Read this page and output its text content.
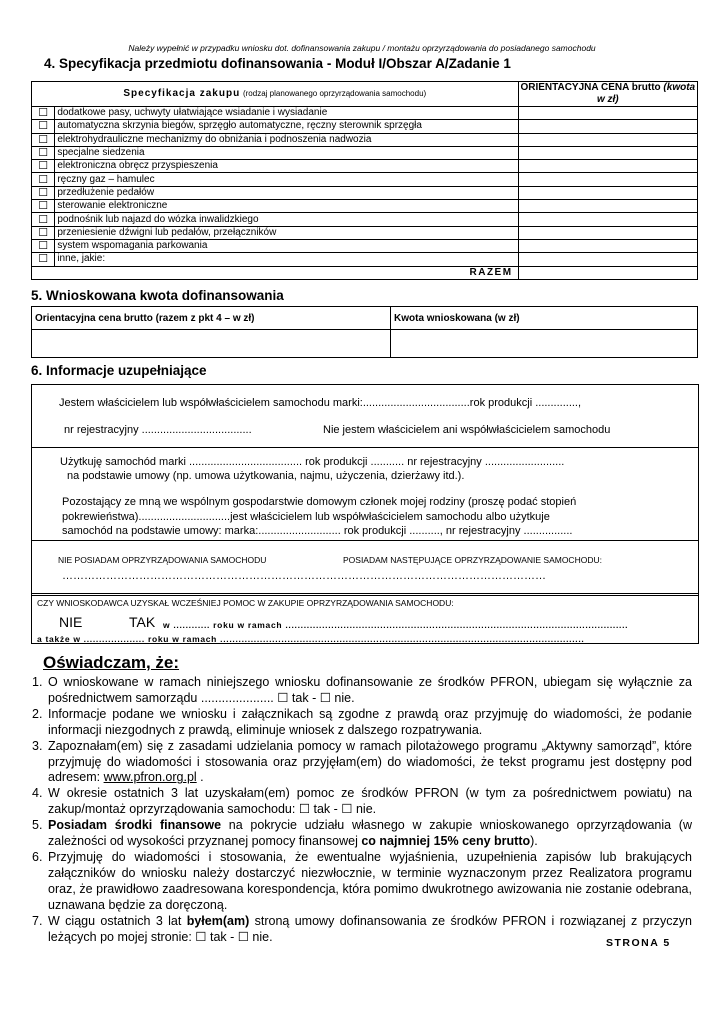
Należy wypełnić w przypadku wniosku dot. dofinansowania zakupu / montażu oprzyrządowania do posiadanego samochodu
4. Specyfikacja przedmiotu dofinansowania - Moduł I/Obszar A/Zadanie 1
Specyfikacja zakupu (rodzaj planowanego oprzyrządowania samochodu)		ORIENTACYJNA CENA brutto (kwota w zł)
☐	dodatkowe pasy, uchwyty ułatwiające wsiadanie i wysiadanie	
☐	automatyczna skrzynia biegów, sprzęgło automatyczne, ręczny sterownik sprzęgła	
☐	elektrohydrauliczne mechanizmy do obniżania i podnoszenia nadwozia	
☐	specjalne siedzenia	
☐	elektroniczna obręcz przyspieszenia	
☐	ręczny gaz – hamulec	
☐	przedłużenie pedałów	
☐	sterowanie elektroniczne	
☐	podnośnik lub najazd do wózka inwalidzkiego	
☐	przeniesienie dźwigni lub pedałów, przełączników	
☐	system wspomagania parkowania	
☐	inne, jakie:	
RAZEM		
5. Wnioskowana kwota dofinansowania
Orientacyjna cena brutto (razem z pkt 4 – w zł)	Kwota wnioskowana (w zł)

6. Informacje uzupełniające
Jestem właścicielem lub współwłaścicielem samochodu marki:...................................rok produkcji ..............,
nr rejestracyjny ....................................	Nie jestem właścicielem ani współwłaścicielem samochodu
Użytkuję samochód marki ..................................... rok produkcji ........... nr rejestracyjny ..........................
na podstawie umowy (np. umowa użytkowania, najmu, użyczenia, dzierżawy itd.).
Pozostający ze mną we wspólnym gospodarstwie domowym członek mojej rodziny (proszę podać stopień
pokrewieństwa)..............................jest właścicielem lub współwłaścicielem samochodu albo użytkuje
samochód na podstawie umowy: marka:........................... rok produkcji .........., nr rejestracyjny ................
NIE POSIADAM OPRZYRZĄDOWANIA SAMOCHODU	POSIADAM NASTĘPUJĄCE OPRZYRZĄDOWANIE SAMOCHODU:
……………………………………………………………………………………………………………………
CZY WNIOSKODAWCA UZYSKAŁ WCZEŚNIEJ POMOC W ZAKUPIE OPRZYRZĄDOWANIA SAMOCHODU:
NIE	TAK w ............ roku w ramach ................................................................................................................
a także w .................... roku w ramach .......................................................................................................................
Oświadczam, że:
1. O wnioskowane w ramach niniejszego wniosku dofinansowanie ze środków PFRON, ubiegam się wyłącznie za pośrednictwem samorządu ..................... ☐ tak - ☐ nie.
2. Informacje podane we wniosku i załącznikach są zgodne z prawdą oraz przyjmuję do wiadomości, że podanie informacji niezgodnych z prawdą, eliminuje wniosek z dalszego rozpatrywania.
3. Zapoznałam(em) się z zasadami udzielania pomocy w ramach pilotażowego programu „Aktywny samorząd”, które przyjmuję do wiadomości i stosowania oraz przyjęłam(em) do wiadomości, że tekst programu jest dostępny pod adresem: www.pfron.org.pl .
4. W okresie ostatnich 3 lat uzyskałam(em) pomoc ze środków PFRON (w tym za pośrednictwem powiatu) na zakup/montaż oprzyrządowania samochodu: ☐ tak - ☐ nie.
5. Posiadam środki finansowe na pokrycie udziału własnego w zakupie wnioskowanego oprzyrządowania (w zależności od wysokości przyznanej pomocy finansowej co najmniej 15% ceny brutto).
6. Przyjmuję do wiadomości i stosowania, że ewentualne wyjaśnienia, uzupełnienia zapisów lub brakujących załączników do wniosku należy dostarczyć niezwłocznie, w terminie wyznaczonym przez Realizatora programu oraz, że prawidłowo zaadresowana korespondencja, która pomimo dwukrotnego awizowania nie zostanie odebrana, uznawana będzie za doręczoną.
7. W ciągu ostatnich 3 lat byłem(am) stroną umowy dofinansowania ze środków PFRON i rozwiązanej z przyczyn leżących po mojej stronie: ☐ tak - ☐ nie.	STRONA 5
